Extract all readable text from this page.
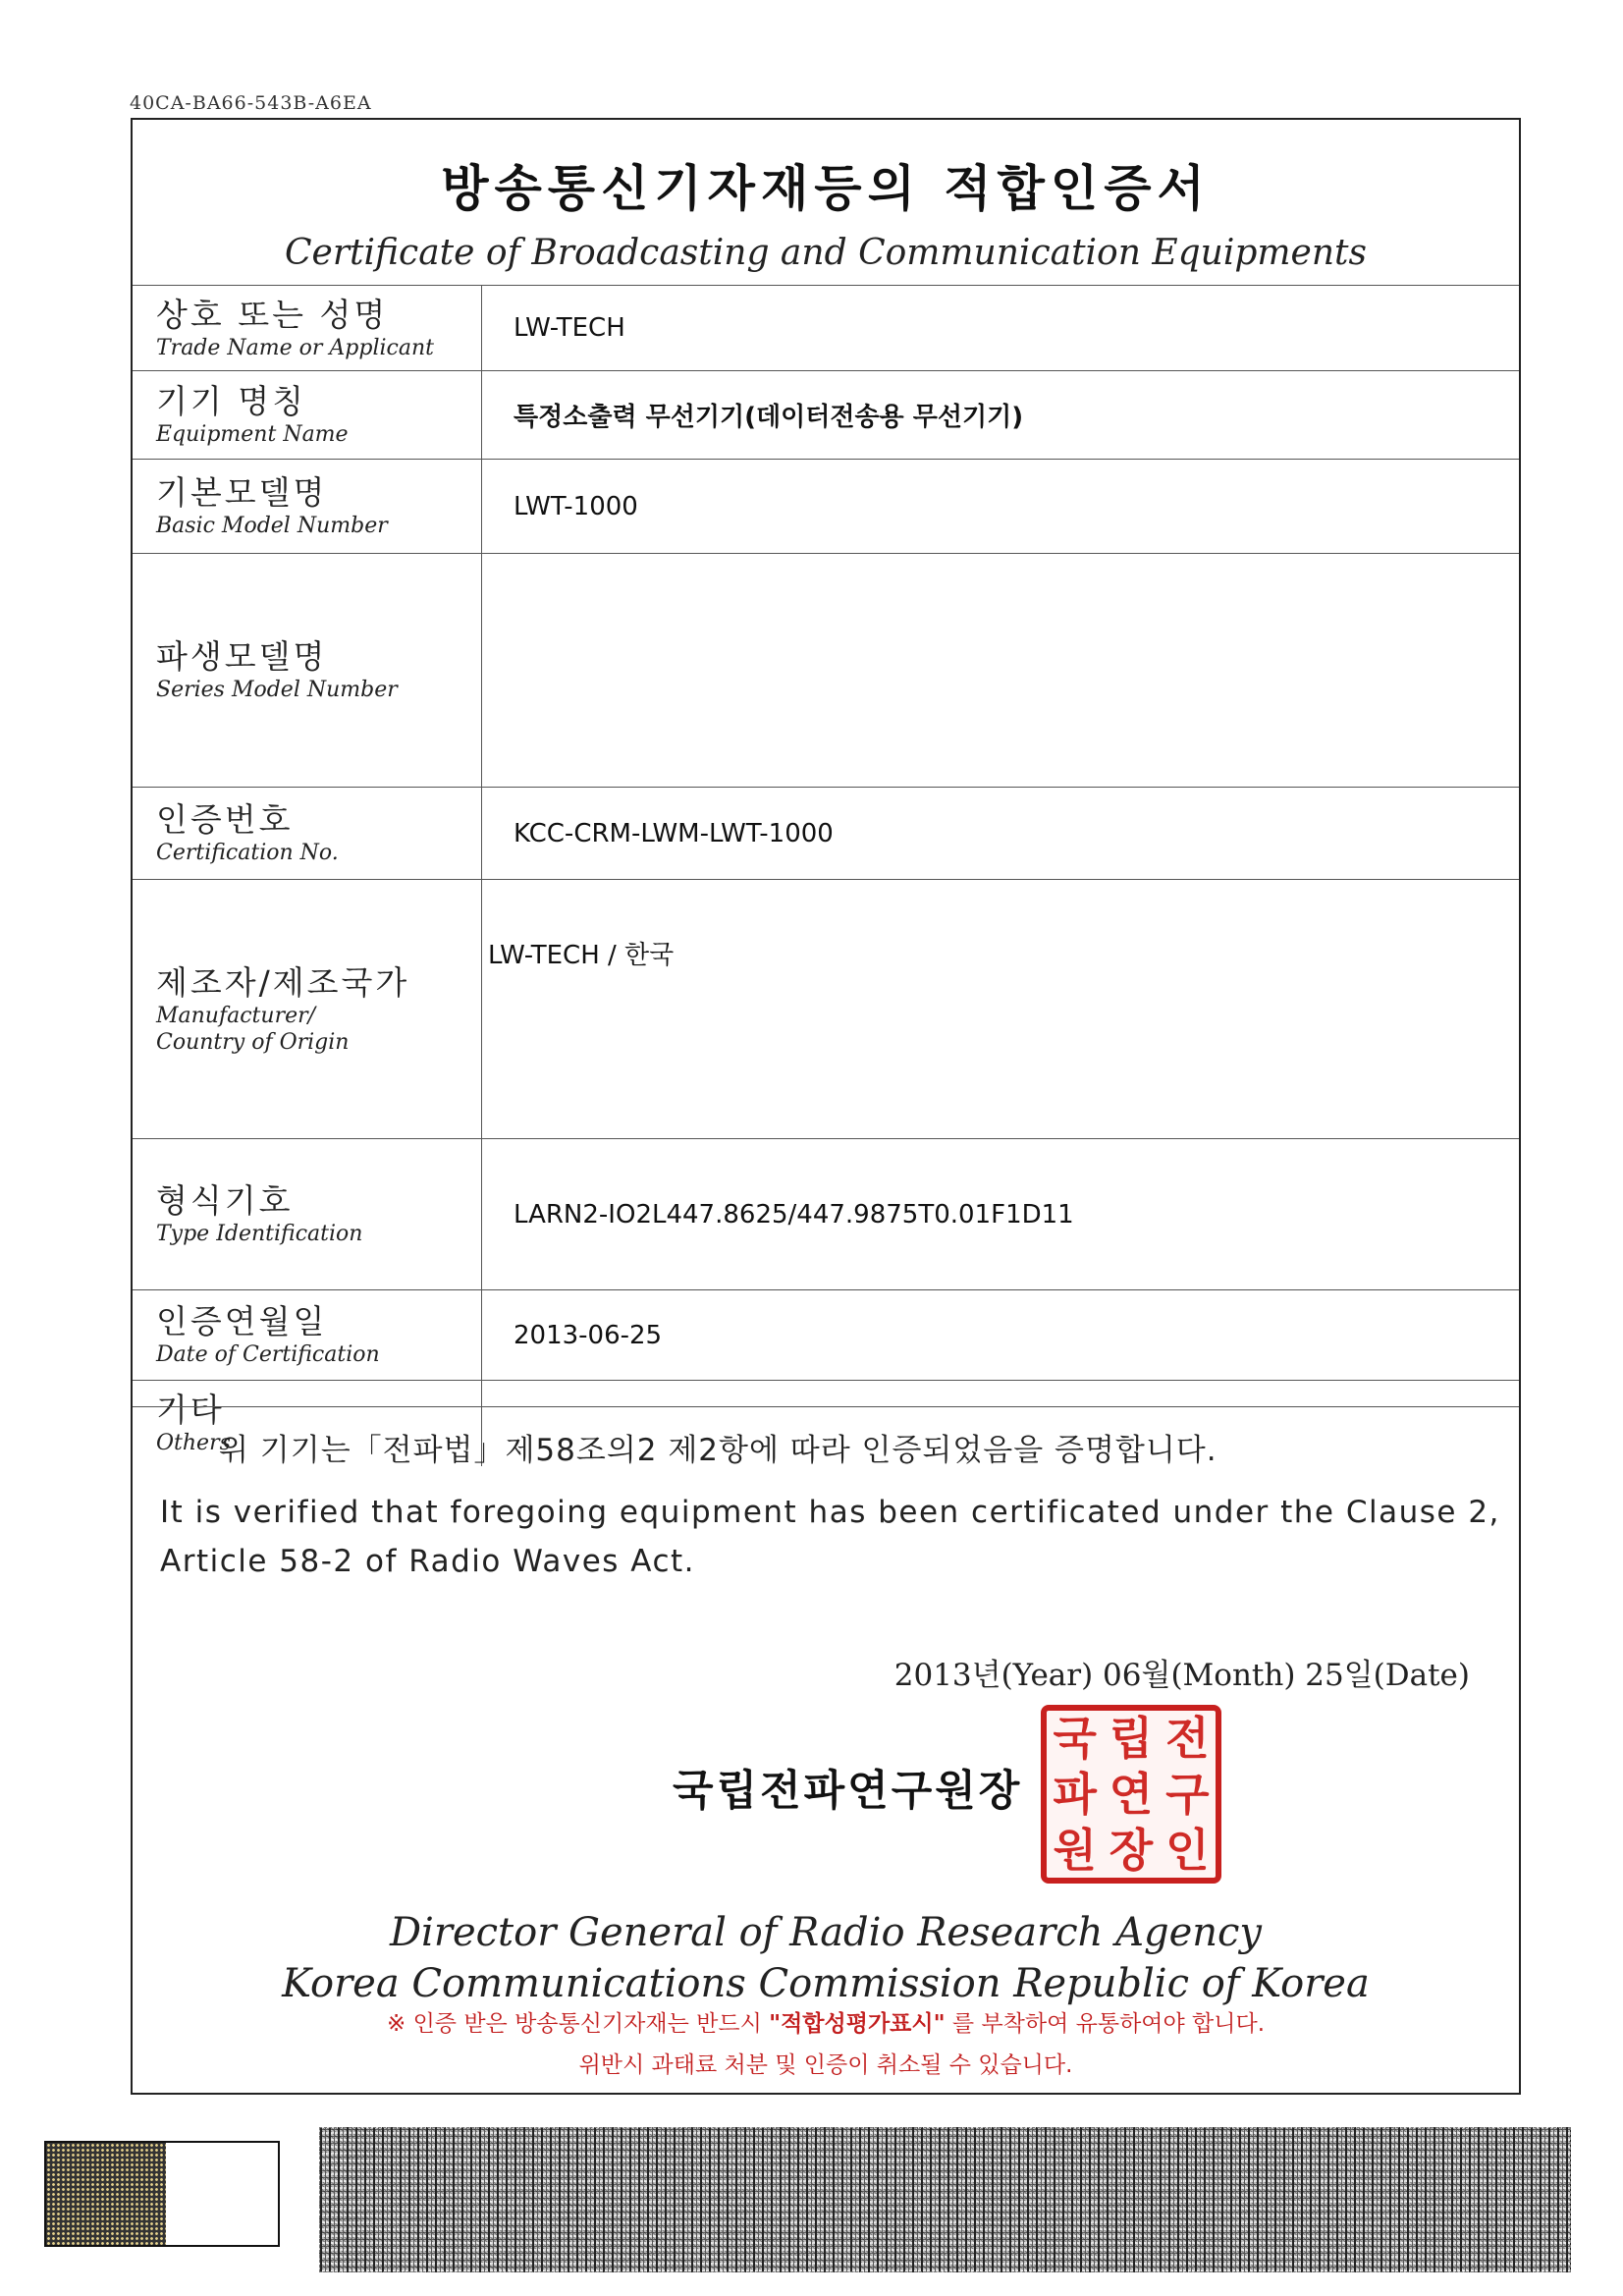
40CA-BA66-543B-A6EA
방송통신기자재등의 적합인증서
Certificate of Broadcasting and Communication Equipments
상호 또는 성명
Trade Name or Applicant	LW-TECH

기기 명칭
Equipment Name	특정소출력 무선기기(데이터전송용 무선기기)

기본모델명
Basic Model Number	LWT-1000

파생모델명
Series Model Number	

인증번호
Certification No.	KCC-CRM-LWM-LWT-1000

제조자/제조국가
Manufacturer/
Country of Origin	LW-TECH / 한국

형식기호
Type Identification	LARN2-IO2L447.8625/447.9875T0.01F1D11

인증연월일
Date of Certification	2013-06-25

기타
Others	

위 기기는「전파법」제58조의2 제2항에 따라 인증되었음을 증명합니다.
It is verified that foregoing equipment has been certificated under the Clause 2, Article 58-2 of Radio Waves Act.
2013년(Year) 06월(Month) 25일(Date)
국립전파연구원장
국 립 전
파 연 구
원 장 인
Director General of Radio Research Agency
Korea Communications Commission Republic of Korea
※ 인증 받은 방송통신기자재는 반드시 "적합성평가표시" 를 부착하여 유통하여야 합니다.
위반시 과태료 처분 및 인증이 취소될 수 있습니다.
